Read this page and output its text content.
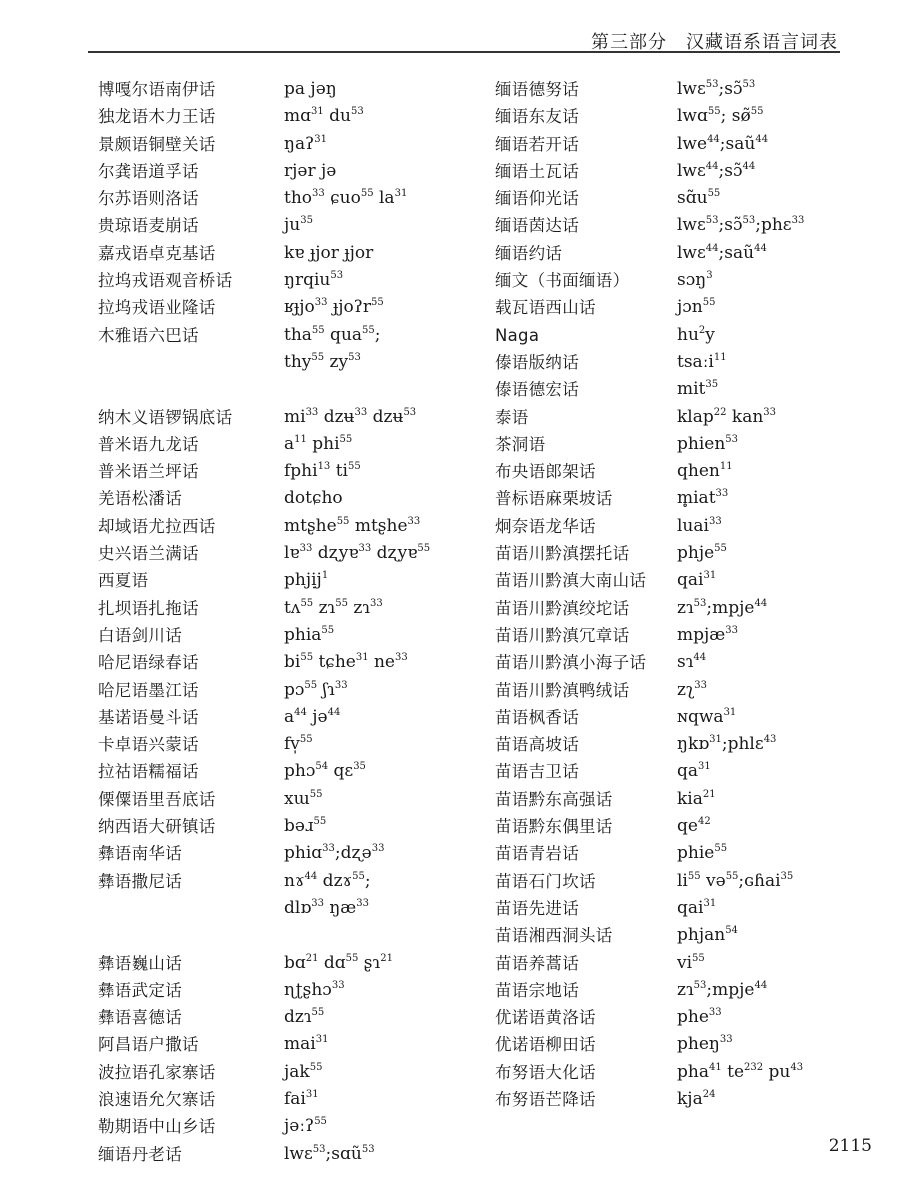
第三部分　汉藏语系语言词表
博嘎尔语南伊话	pa jəŋ
独龙语木力王话	mɑ$^{31}$ $du^{53}$
景颇语铜壁关话	ŋaʔ$^{31}$
尔龚语道孚话	rjər jə
尔苏语则洛话	tho$^{33}$ ɕuo$^{55}$ $la^{31}$
贵琼语麦崩话	$ju^{35}$
嘉戎语卓克基话	kɐ ɟjor ɟjor
拉坞戎语观音桥话	ŋrqiu$^{53}$
拉坞戎语业隆话	ʁɟjo$^{33}$ ɟjoʔr$^{55}$
木雅语六巴话	tha$^{55}$ qua$^{55}$;
thy$^{55}$ $zy^{53}$
纳木义语锣锅底话	$mi^{33}$ dzʉ$^{33}$ dzʉ$^{53}$
普米语九龙话	$a^{11}$ phi$^{55}$
普米语兰坪话	fphi$^{13}$ $ti^{55}$
羌语松潘话	dotɕho
却域语尤拉西话	mtʂhe$^{55}$ mtʂhe$^{33}$
史兴语兰满话	lɐ$^{33}$ dʐyɐ$^{33}$ dʐyɐ$^{55}$
西夏语	phjịj$^1$
扎坝语扎拖话	tʌ$^{55}$ zɿ$^{55}$ zɿ$^{33}$
白语剑川话	phia$^{55}$
哈尼语绿春话	$bi^{55}$ tɕhe$^{31}$ $ne^{33}$
哈尼语墨江话	pɔ$^{55}$ ʃɿ$^{33}$
基诺语曼斗话	$a^{44}$ jə$^{44}$
卡卓语兴蒙话	fv̩$^{55}$
拉祜语糯福话	phɔ$^{54}$ qɛ$^{35}$
傈僳语里吾底话	xɯ$^{55}$
纳西语大研镇话	bəɹ$^{55}$
彝语南华话	phiɑ$^{33}$;dʐə$^{33}$
彝语撒尼话	nɤ$^{44}$ dzɤ$^{55}$;
dlɒ$^{33}$ $ŋæ^{33}$
彝语巍山话	bɑ$^{21}$ dɑ$^{55}$ ʂɿ$^{21}$
彝语武定话	ɳʈʂhɔ$^{33}$
彝语喜德话	dzɿ$^{55}$
阿昌语户撒话	mai$^{31}$
波拉语孔家寨话	jak$^{55}$
浪速语允欠寨话	fai$^{31}$
勒期语中山乡话	jəːʔ$^{55}$
缅语丹老话	lwɛ$^{53}$;sɑũ$^{53}$
缅语德努话	lwɛ$^{53}$;sɔ̃$^{53}$
缅语东友话	lwɑ$^{55}$; sø̃$^{55}$
缅语若开话	lwe$^{44}$;saũ$^{44}$
缅语土瓦话	lwɛ$^{44}$;sɔ̃$^{44}$
缅语仰光话	$sɑ̃u^{55}$
缅语茵达话	lwɛ$^{53}$;sɔ̃$^{53}$;phɛ$^{33}$
缅语约话	lwɛ$^{44}$;saũ$^{44}$
缅文（书面缅语）	sɔŋ$^3$
载瓦语西山话	jɔn$^{55}$
Naga	$hu^2y$
傣语版纳话	tsaːi$^{11}$
傣语德宏话	mit$^{35}$
泰语	klap$^{22}$ kan$^{33}$
茶洞语	phien$^{53}$
布央语郎架话	qhen$^{11}$
普标语麻栗坡话	m̥iat$^{33}$
炯奈语龙华话	luai$^{33}$
苗语川黔滇摆托话	phje$^{55}$
苗语川黔滇大南山话 qai$^{31}$
苗语川黔滇绞坨话	zɿ$^{53}$;mpje$^{44}$
苗语川黔滇冗章话	mpjæ$^{33}$
苗语川黔滇小海子话 sɿ$^{44}$
苗语川黔滇鸭绒话	zʅ$^{33}$
苗语枫香话	ɴqwa$^{31}$
苗语高坡话	ŋkɒ$^{31}$;phlɛ$^{43}$
苗语吉卫话	$qa^{31}$
苗语黔东高强话	kia$^{21}$
苗语黔东偶里话	$qe^{42}$
苗语青岩话	phie$^{55}$
苗语石门坎话	$li^{55}$ və$^{55}$;ɢɦai$^{35}$
苗语先进话	qai$^{31}$
苗语湘西洞头话	phjan$^{54}$
苗语养蒿话	$vi^{55}$
苗语宗地话	zɿ$^{53}$;mpje$^{44}$
优诺语黄洛话	phe$^{33}$
优诺语柳田话	pheŋ$^{33}$
布努语大化话	pha$^{41}$ $te^{232}$ $pu^{43}$
布努语芒降话	kja$^{24}$
2115
